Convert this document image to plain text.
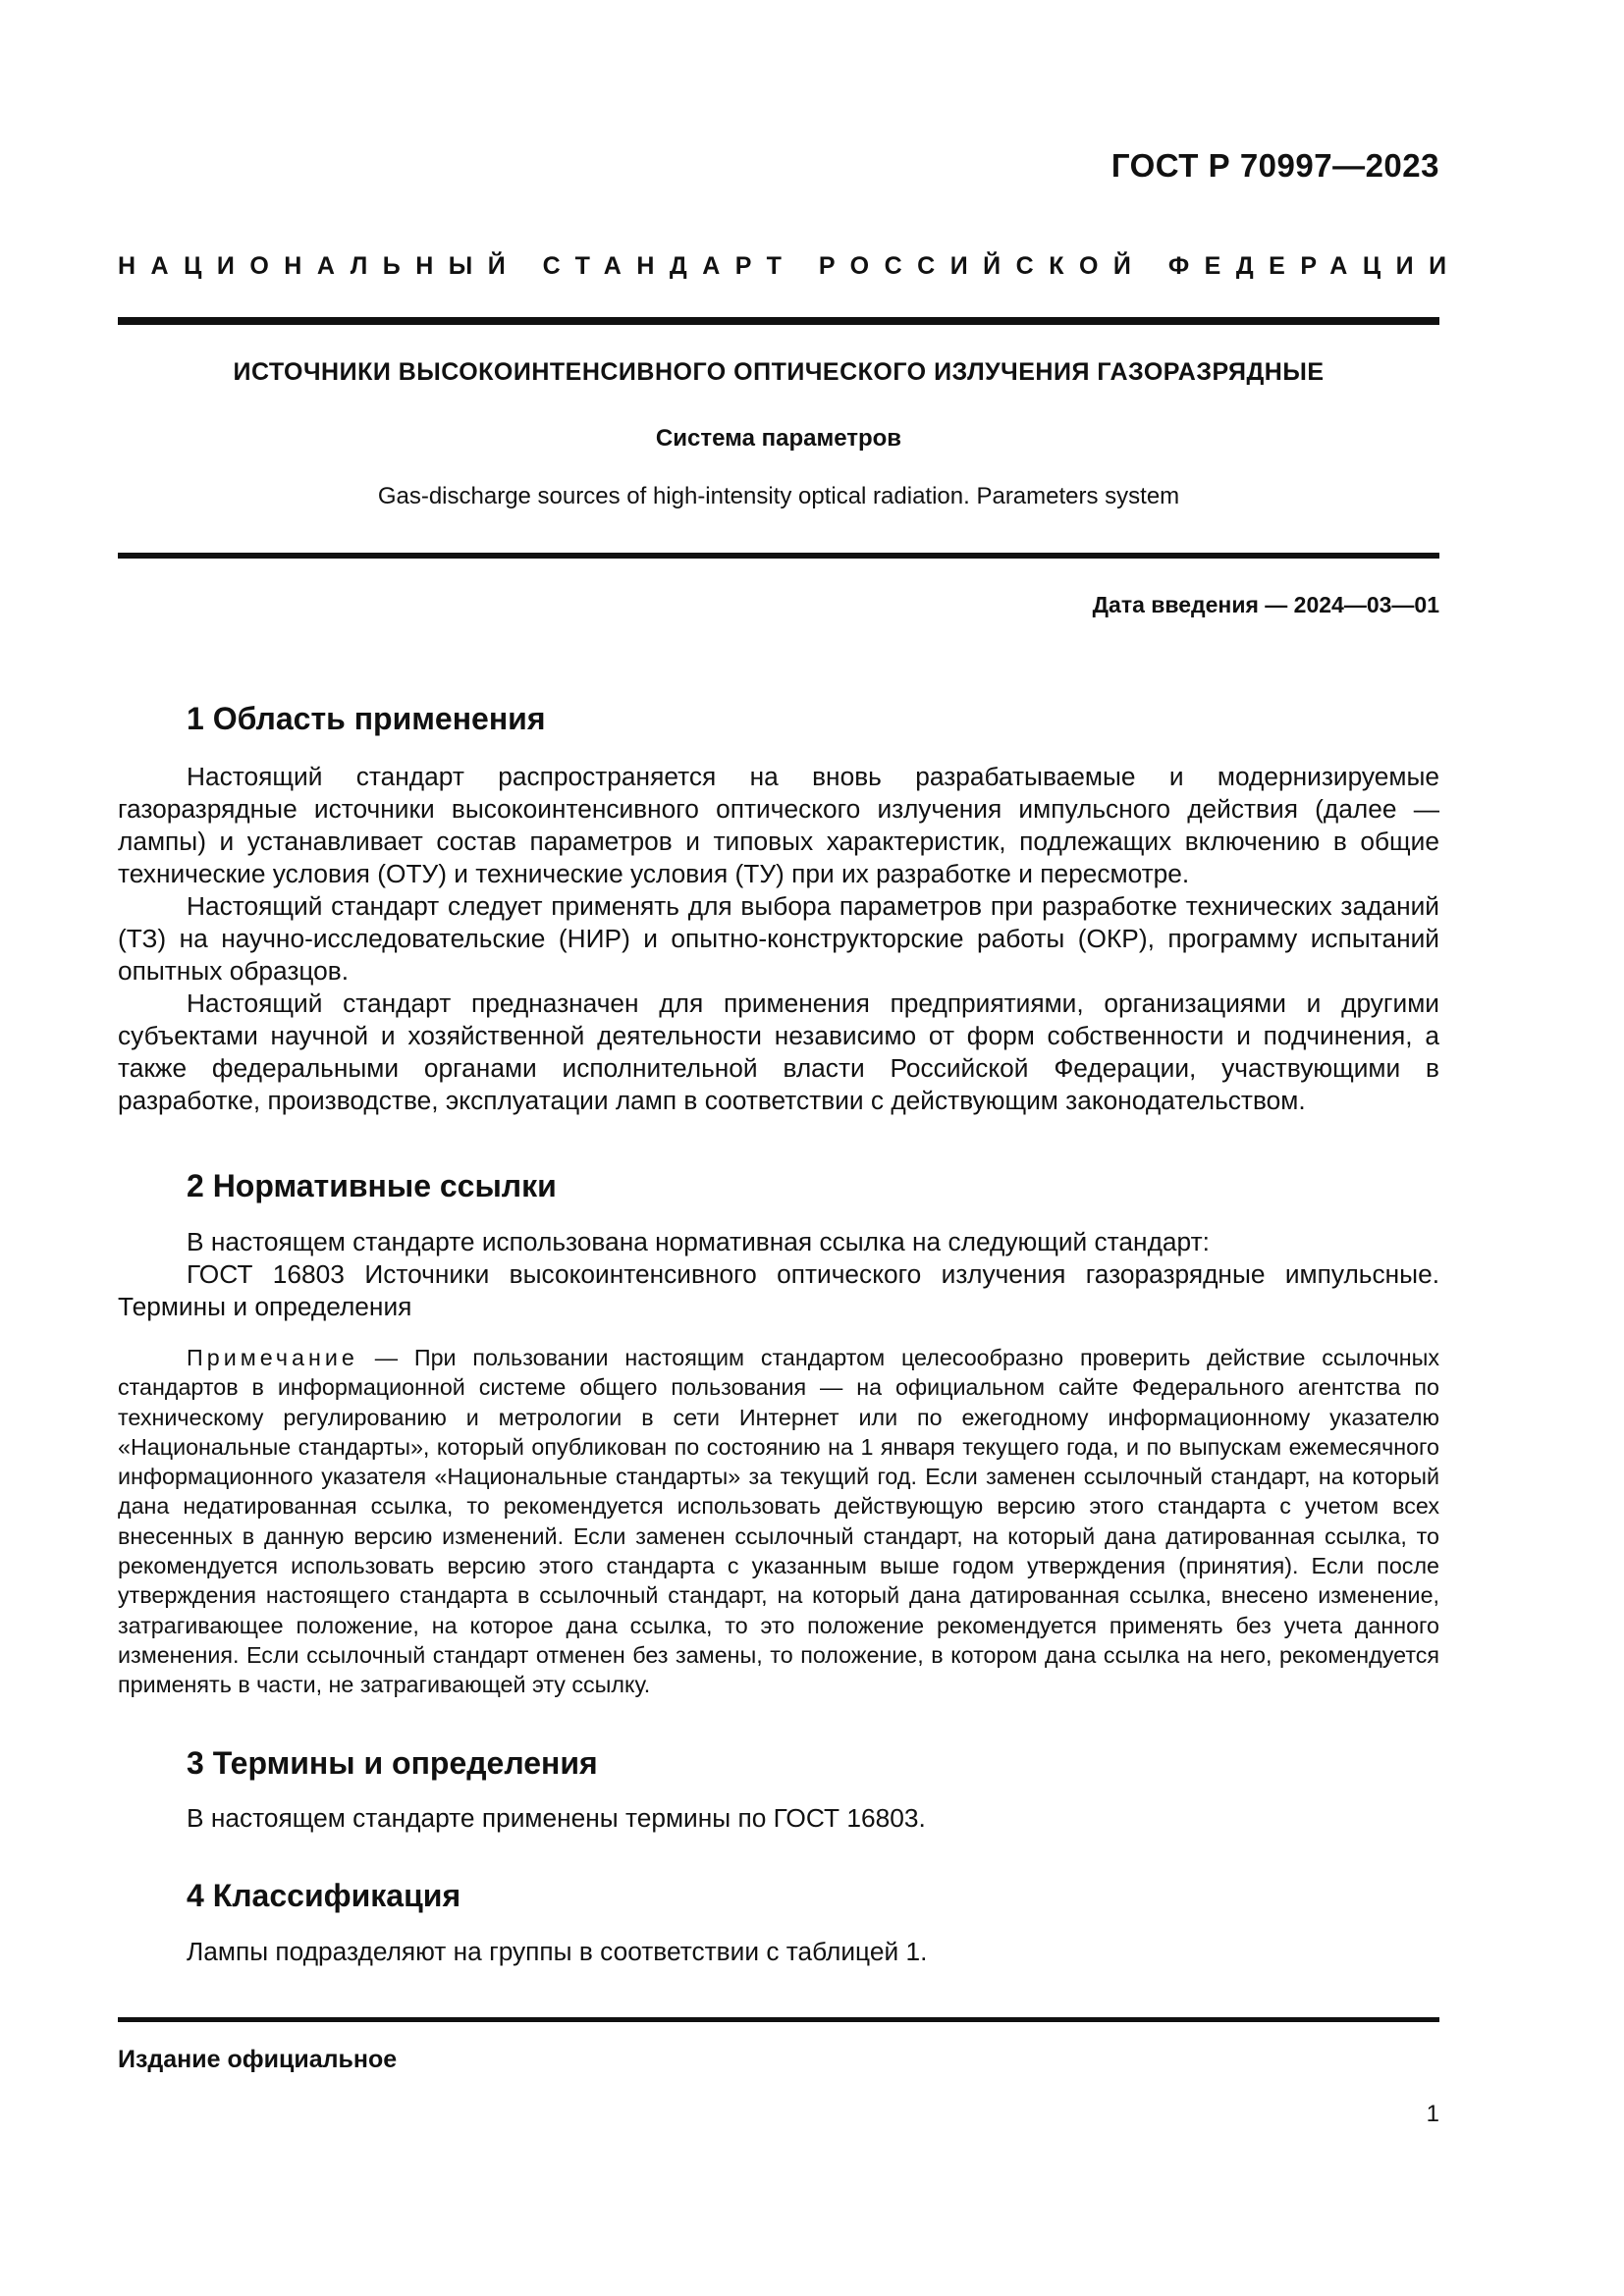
ГОСТ Р 70997—2023
НАЦИОНАЛЬНЫЙ СТАНДАРТ РОССИЙСКОЙ ФЕДЕРАЦИИ
ИСТОЧНИКИ ВЫСОКОИНТЕНСИВНОГО ОПТИЧЕСКОГО ИЗЛУЧЕНИЯ ГАЗОРАЗРЯДНЫЕ
Система параметров
Gas-discharge sources of high-intensity optical radiation. Parameters system
Дата введения — 2024—03—01
1 Область применения

Настоящий стандарт распространяется на вновь разрабатываемые и модернизируемые газоразрядные источники высокоинтенсивного оптического излучения импульсного действия (далее — лампы) и устанавливает состав параметров и типовых характеристик, подлежащих включению в общие технические условия (ОТУ) и технические условия (ТУ) при их разработке и пересмотре.

Настоящий стандарт следует применять для выбора параметров при разработке технических заданий (ТЗ) на научно-исследовательские (НИР) и опытно-конструкторские работы (ОКР), программу испытаний опытных образцов.

Настоящий стандарт предназначен для применения предприятиями, организациями и другими субъектами научной и хозяйственной деятельности независимо от форм собственности и подчинения, а также федеральными органами исполнительной власти Российской Федерации, участвующими в разработке, производстве, эксплуатации ламп в соответствии с действующим законодательством.

2 Нормативные ссылки

В настоящем стандарте использована нормативная ссылка на следующий стандарт:

ГОСТ 16803 Источники высокоинтенсивного оптического излучения газоразрядные импульсные. Термины и определения

Примечание — При пользовании настоящим стандартом целесообразно проверить действие ссылочных стандартов в информационной системе общего пользования — на официальном сайте Федерального агентства по техническому регулированию и метрологии в сети Интернет или по ежегодному информационному указателю «Национальные стандарты», который опубликован по состоянию на 1 января текущего года, и по выпускам ежемесячного информационного указателя «Национальные стандарты» за текущий год. Если заменен ссылочный стандарт, на который дана недатированная ссылка, то рекомендуется использовать действующую версию этого стандарта с учетом всех внесенных в данную версию изменений. Если заменен ссылочный стандарт, на который дана датированная ссылка, то рекомендуется использовать версию этого стандарта с указанным выше годом утверждения (принятия). Если после утверждения настоящего стандарта в ссылочный стандарт, на который дана датированная ссылка, внесено изменение, затрагивающее положение, на которое дана ссылка, то это положение рекомендуется применять без учета данного изменения. Если ссылочный стандарт отменен без замены, то положение, в котором дана ссылка на него, рекомендуется применять в части, не затрагивающей эту ссылку.

3 Термины и определения

В настоящем стандарте применены термины по ГОСТ 16803.

4 Классификация

Лампы подразделяют на группы в соответствии с таблицей 1.

Издание официальное
1
